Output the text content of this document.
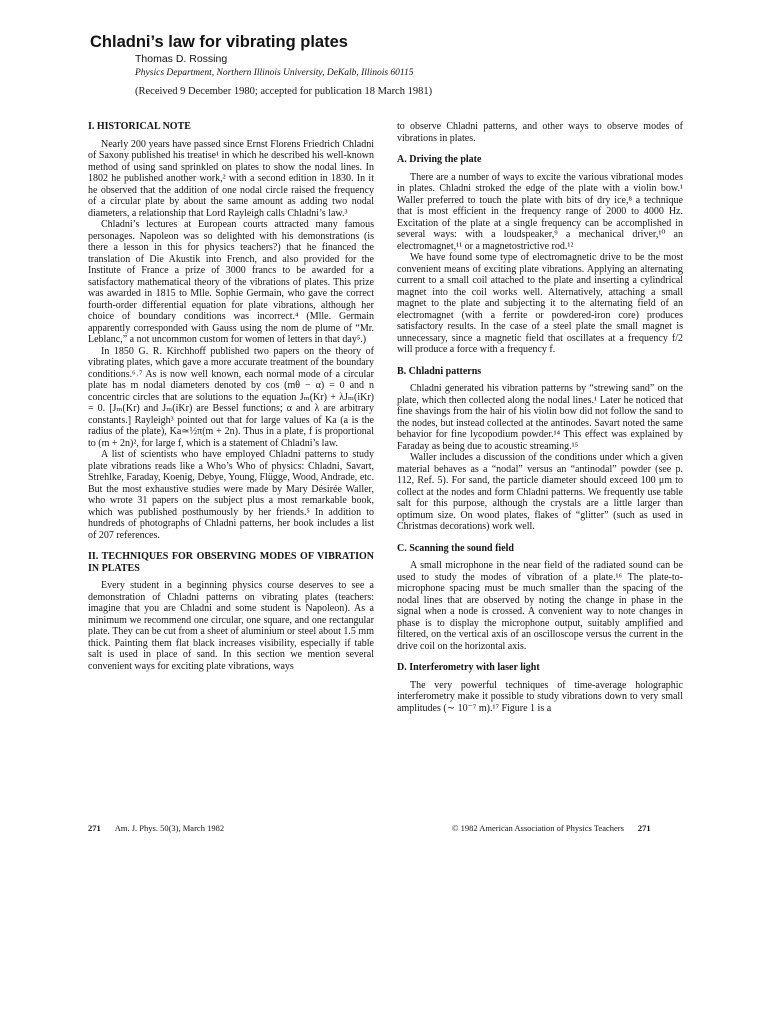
Chladni’s law for vibrating plates
Thomas D. Rossing
Physics Department, Northern Illinois University, DeKalb, Illinois 60115
(Received 9 December 1980; accepted for publication 18 March 1981)
I. HISTORICAL NOTE

Nearly 200 years have passed since Ernst Florens Friedrich Chladni of Saxony published his treatise¹ in which he described his well-known method of using sand sprinkled on plates to show the nodal lines. In 1802 he published another work,² with a second edition in 1830. In it he observed that the addition of one nodal circle raised the frequency of a circular plate by about the same amount as adding two nodal diameters, a relationship that Lord Rayleigh calls Chladni’s law.³

Chladni’s lectures at European courts attracted many famous personages. Napoleon was so delighted with his demonstrations (is there a lesson in this for physics teachers?) that he financed the translation of Die Akustik into French, and also provided for the Institute of France a prize of 3000 francs to be awarded for a satisfactory mathematical theory of the vibrations of plates. This prize was awarded in 1815 to Mlle. Sophie Germain, who gave the correct fourth-order differential equation for plate vibrations, although her choice of boundary conditions was incorrect.⁴ (Mlle. Germain apparently corresponded with Gauss using the nom de plume of “Mr. Leblanc,” a not uncommon custom for women of letters in that day⁵.)

In 1850 G. R. Kirchhoff published two papers on the theory of vibrating plates, which gave a more accurate treatment of the boundary conditions.⁶˒⁷ As is now well known, each normal mode of a circular plate has m nodal diameters denoted by cos (mθ − α) = 0 and n concentric circles that are solutions to the equation Jₘ(Kr) + λJₘ(iKr) = 0. [Jₘ(Kr) and Jₘ(iKr) are Bessel functions; α and λ are arbitrary constants.] Rayleigh³ pointed out that for large values of Ka (a is the radius of the plate), Ka≃½π(m + 2n). Thus in a plate, f is proportional to (m + 2n)², for large f, which is a statement of Chladni’s law.

A list of scientists who have employed Chladni patterns to study plate vibrations reads like a Who’s Who of physics: Chladni, Savart, Strehlke, Faraday, Koenig, Debye, Young, Flügge, Wood, Andrade, etc. But the most exhaustive studies were made by Mary Désirée Waller, who wrote 31 papers on the subject plus a most remarkable book, which was published posthumously by her friends.⁵ In addition to hundreds of photographs of Chladni patterns, her book includes a list of 207 references.

II. TECHNIQUES FOR OBSERVING MODES OF VIBRATION IN PLATES

Every student in a beginning physics course deserves to see a demonstration of Chladni patterns on vibrating plates (teachers: imagine that you are Chladni and some student is Napoleon). As a minimum we recommend one circular, one square, and one rectangular plate. They can be cut from a sheet of aluminium or steel about 1.5 mm thick. Painting them flat black increases visibility, especially if table salt is used in place of sand. In this section we mention several convenient ways for exciting plate vibrations, ways

to observe Chladni patterns, and other ways to observe modes of vibrations in plates.

A. Driving the plate

There are a number of ways to excite the various vibrational modes in plates. Chladni stroked the edge of the plate with a violin bow.¹ Waller preferred to touch the plate with bits of dry ice,⁸ a technique that is most efficient in the frequency range of 2000 to 4000 Hz. Excitation of the plate at a single frequency can be accomplished in several ways: with a loudspeaker,⁹ a mechanical driver,¹⁰ an electromagnet,¹¹ or a magnetostrictive rod.¹²

We have found some type of electromagnetic drive to be the most convenient means of exciting plate vibrations. Applying an alternating current to a small coil attached to the plate and inserting a cylindrical magnet into the coil works well. Alternatively, attaching a small magnet to the plate and subjecting it to the alternating field of an electromagnet (with a ferrite or powdered-iron core) produces satisfactory results. In the case of a steel plate the small magnet is unnecessary, since a magnetic field that oscillates at a frequency f/2 will produce a force with a frequency f.

B. Chladni patterns

Chladni generated his vibration patterns by “strewing sand” on the plate, which then collected along the nodal lines.¹ Later he noticed that fine shavings from the hair of his violin bow did not follow the sand to the nodes, but instead collected at the antinodes. Savart noted the same behavior for fine lycopodium powder.¹⁴ This effect was explained by Faraday as being due to acoustic streaming.¹⁵

Waller includes a discussion of the conditions under which a given material behaves as a “nodal” versus an “antinodal” powder (see p. 112, Ref. 5). For sand, the particle diameter should exceed 100 μm to collect at the nodes and form Chladni patterns. We frequently use table salt for this purpose, although the crystals are a little larger than optimum size. On wood plates, flakes of “glitter” (such as used in Christmas decorations) work well.

C. Scanning the sound field

A small microphone in the near field of the radiated sound can be used to study the modes of vibration of a plate.¹⁶ The plate-to-microphone spacing must be much smaller than the spacing of the nodal lines that are observed by noting the change in phase in the signal when a node is crossed. A convenient way to note changes in phase is to display the microphone output, suitably amplified and filtered, on the vertical axis of an oscilloscope versus the current in the drive coil on the horizontal axis.

D. Interferometry with laser light

The very powerful techniques of time-average holographic interferometry make it possible to study vibrations down to very small amplitudes (∼ 10⁻⁷ m).¹⁷ Figure 1 is a

271 Am. J. Phys. 50(3), March 1982	© 1982 American Association of Physics Teachers 271
